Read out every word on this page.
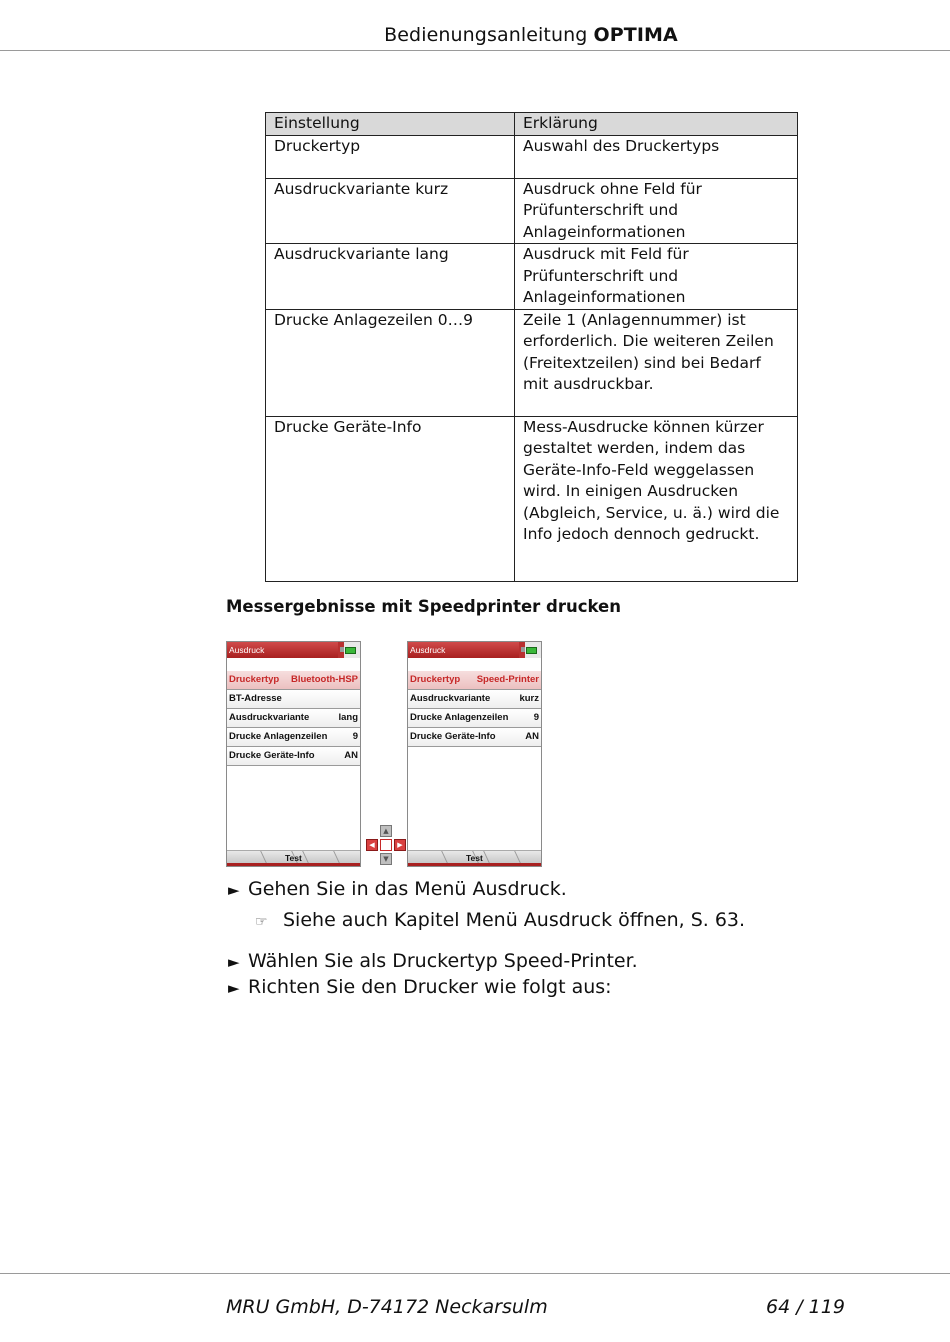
Bedienungsanleitung OPTIMA
Einstellung	Erklärung
Druckertyp	Auswahl des Druckertyps
Ausdruckvariante kurz	Ausdruck ohne Feld für Prüfunterschrift und Anlageinformationen
Ausdruckvariante lang	Ausdruck mit Feld für Prüfunterschrift und Anlageinformationen
Drucke Anlagezeilen 0…9	Zeile 1 (Anlagennummer) ist erforderlich. Die weiteren Zeilen (Freitextzeilen) sind bei Bedarf mit ausdruckbar.
Drucke Geräte-Info	Mess-Ausdrucke können kürzer gestaltet werden, indem das Geräte-Info-Feld weggelassen wird. In einigen Ausdrucken (Abgleich, Service, u. ä.) wird die Info jedoch dennoch gedruckt.
Messergebnisse mit Speedprinter drucken
Ausdruck
Druckertyp Bluetooth-HSP
BT-Adresse
Ausdruckvariante	lang
Drucke Anlagenzeilen	9
Drucke Geräte-Info	AN
Test
▲
◀	▶
▼
Ausdruck
Druckertyp Speed-Printer
Ausdruckvariante	kurz
Drucke Anlagenzeilen	9
Drucke Geräte-Info	AN
Test
► Gehen Sie in das Menü Ausdruck.
☞ Siehe auch Kapitel Menü Ausdruck öffnen, S. 63.
► Wählen Sie als Druckertyp Speed-Printer.
► Richten Sie den Drucker wie folgt aus:
MRU GmbH, D-74172 Neckarsulm	64 / 119
